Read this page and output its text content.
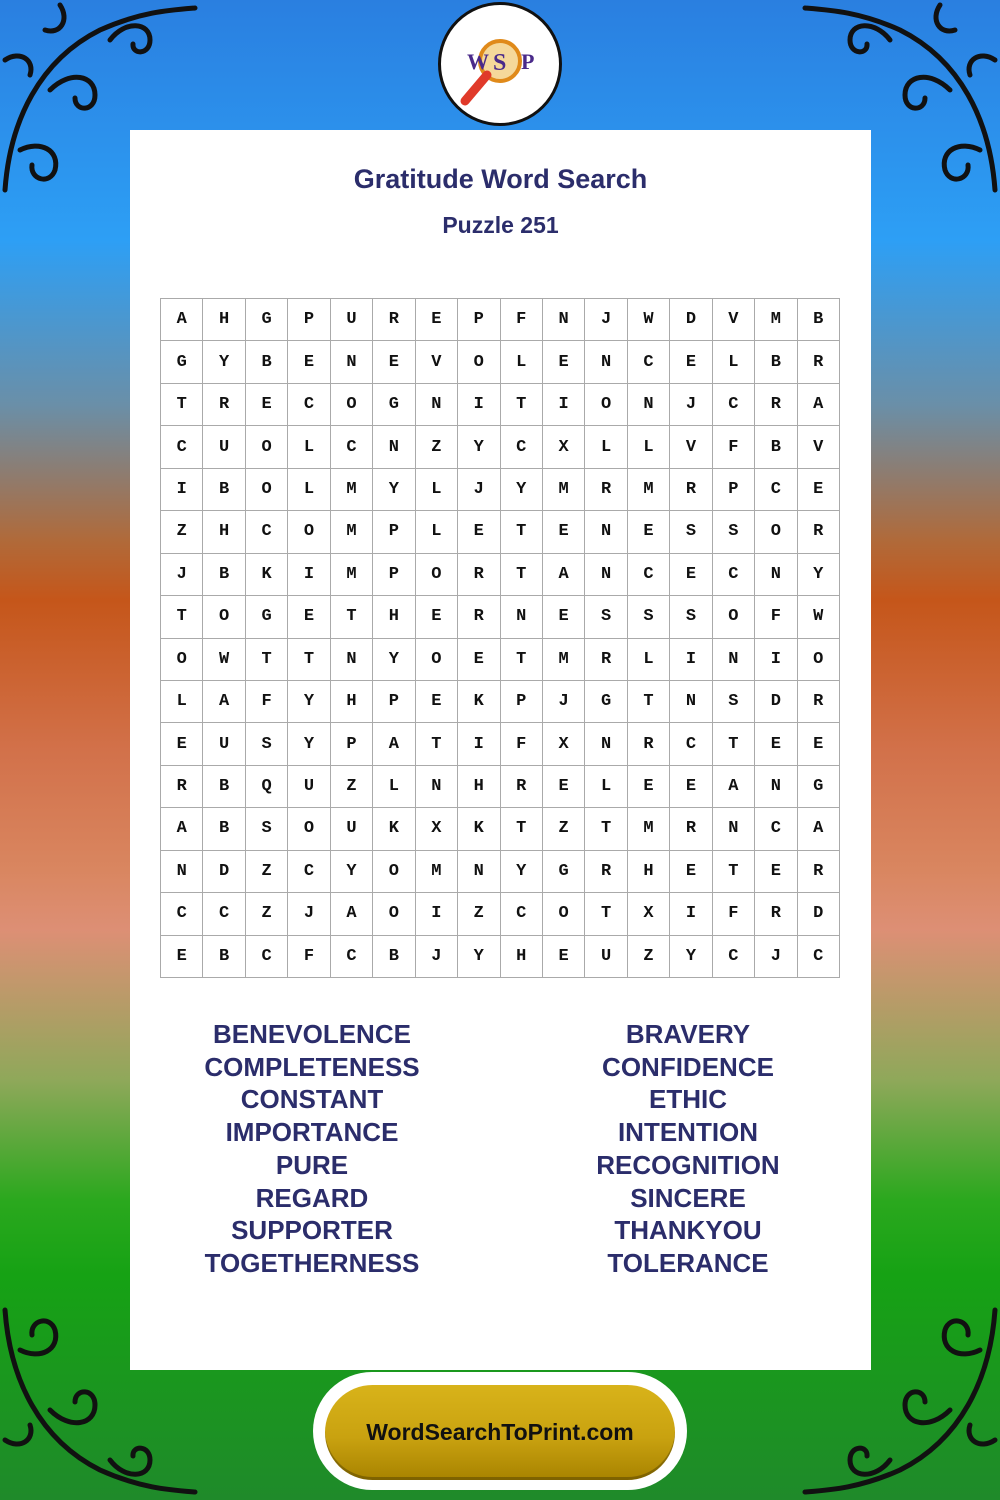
W S P
Gratitude Word Search
Puzzle 251
A	H	G	P	U	R	E	P	F	N	J	W	D	V	M	B
G	Y	B	E	N	E	V	O	L	E	N	C	E	L	B	R
T	R	E	C	O	G	N	I	T	I	O	N	J	C	R	A
C	U	O	L	C	N	Z	Y	C	X	L	L	V	F	B	V
I	B	O	L	M	Y	L	J	Y	M	R	M	R	P	C	E
Z	H	C	O	M	P	L	E	T	E	N	E	S	S	O	R
J	B	K	I	M	P	O	R	T	A	N	C	E	C	N	Y
T	O	G	E	T	H	E	R	N	E	S	S	S	O	F	W
O	W	T	T	N	Y	O	E	T	M	R	L	I	N	I	O
L	A	F	Y	H	P	E	K	P	J	G	T	N	S	D	R
E	U	S	Y	P	A	T	I	F	X	N	R	C	T	E	E
R	B	Q	U	Z	L	N	H	R	E	L	E	E	A	N	G
A	B	S	O	U	K	X	K	T	Z	T	M	R	N	C	A
N	D	Z	C	Y	O	M	N	Y	G	R	H	E	T	E	R
C	C	Z	J	A	O	I	Z	C	O	T	X	I	F	R	D
E	B	C	F	C	B	J	Y	H	E	U	Z	Y	C	J	C
BENEVOLENCE
COMPLETENESS
CONSTANT
IMPORTANCE
PURE
REGARD
SUPPORTER
TOGETHERNESS
BRAVERY
CONFIDENCE
ETHIC
INTENTION
RECOGNITION
SINCERE
THANKYOU
TOLERANCE
WordSearchToPrint.com
